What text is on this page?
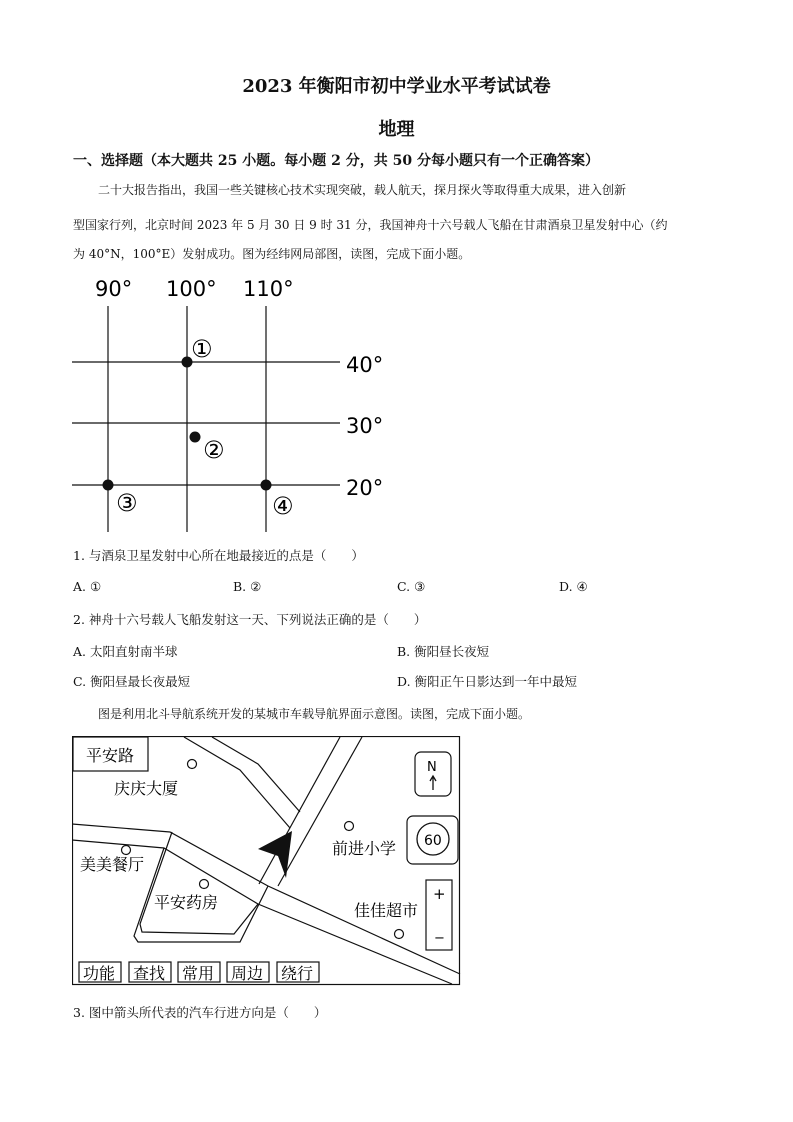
2023 年衡阳市初中学业水平考试试卷
地理
一、选择题（本大题共 25 小题。每小题 2 分，共 50 分每小题只有一个正确答案）
二十大报告指出，我国一些关键核心技术实现突破，载人航天，探月探火等取得重大成果，进入创新
型国家行列，北京时间 2023 年 5 月 30 日 9 时 31 分，我国神舟十六号载人飞船在甘肃酒泉卫星发射中心（约
为 40°N，100°E）发射成功。图为经纬网局部图，读图，完成下面小题。
90° 100° 110°
40°
30°
20°
①
②
③	④
1. 与酒泉卫星发射中心所在地最接近的点是（　　）
A. ①	B. ②	C. ③	D. ④
2. 神舟十六号载人飞船发射这一天、下列说法正确的是（　　）
A. 太阳直射南半球	B. 衡阳昼长夜短
C. 衡阳昼最长夜最短	D. 衡阳正午日影达到一年中最短
图是利用北斗导航系统开发的某城市车载导航界面示意图。读图，完成下面小题。
平安路
庆庆大厦
美美餐厅
平安药房
前进小学
佳佳超市
N
60
+
−
功能 查找 常用 周边 绕行
3. 图中箭头所代表的汽车行进方向是（　　）
